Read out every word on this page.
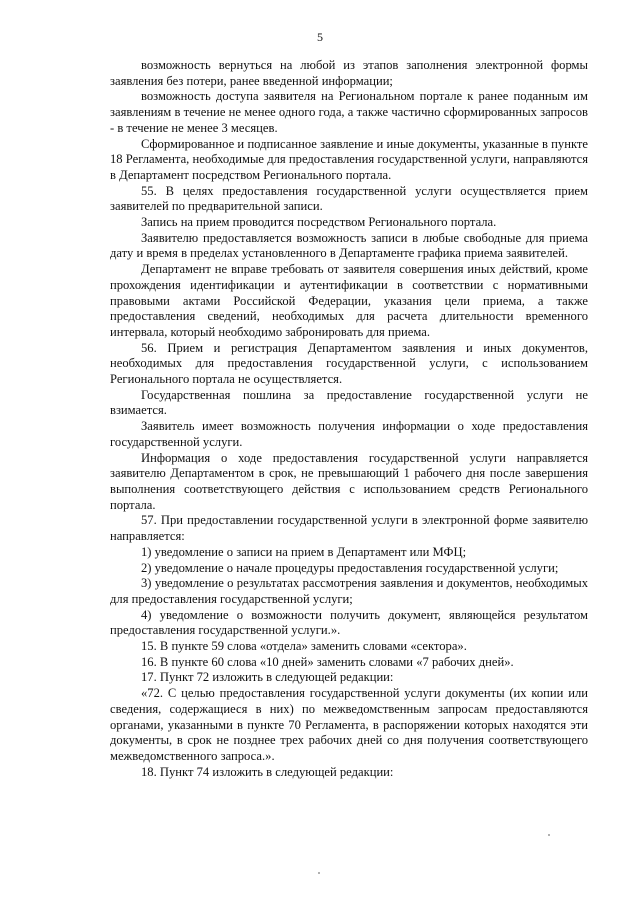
5

возможность вернуться на любой из этапов заполнения электронной формы заявления без потери, ранее введенной информации;

возможность доступа заявителя на Региональном портале к ранее поданным им заявлениям в течение не менее одного года, а также частично сформированных запросов - в течение не менее 3 месяцев.

Сформированное и подписанное заявление и иные документы, указанные в пункте 18 Регламента, необходимые для предоставления государственной услуги, направляются в Департамент посредством Регионального портала.

55. В целях предоставления государственной услуги осуществляется прием заявителей по предварительной записи.

Запись на прием проводится посредством Регионального портала.

Заявителю предоставляется возможность записи в любые свободные для приема дату и время в пределах установленного в Департаменте графика приема заявителей.

Департамент не вправе требовать от заявителя совершения иных действий, кроме прохождения идентификации и аутентификации в соответствии с нормативными правовыми актами Российской Федерации, указания цели приема, а также предоставления сведений, необходимых для расчета длительности временного интервала, который необходимо забронировать для приема.

56. Прием и регистрация Департаментом заявления и иных документов, необходимых для предоставления государственной услуги, с использованием Регионального портала не осуществляется.

Государственная пошлина за предоставление государственной услуги не взимается.

Заявитель имеет возможность получения информации о ходе предоставления государственной услуги.

Информация о ходе предоставления государственной услуги направляется заявителю Департаментом в срок, не превышающий 1 рабочего дня после завершения выполнения соответствующего действия с использованием средств Регионального портала.

57. При предоставлении государственной услуги в электронной форме заявителю направляется:

1) уведомление о записи на прием в Департамент или МФЦ;

2) уведомление о начале процедуры предоставления государственной услуги;

3) уведомление о результатах рассмотрения заявления и документов, необходимых для предоставления государственной услуги;

4) уведомление о возможности получить документ, являющейся результатом предоставления государственной услуги.».

15. В пункте 59 слова «отдела» заменить словами «сектора».

16. В пункте 60 слова «10 дней» заменить словами «7 рабочих дней».

17. Пункт 72 изложить в следующей редакции:

«72. С целью предоставления государственной услуги документы (их копии или сведения, содержащиеся в них) по межведомственным запросам предоставляются органами, указанными в пункте 70 Регламента, в распоряжении которых находятся эти документы, в срок не позднее трех рабочих дней со дня получения соответствующего межведомственного запроса.».

18. Пункт 74 изложить в следующей редакции:
